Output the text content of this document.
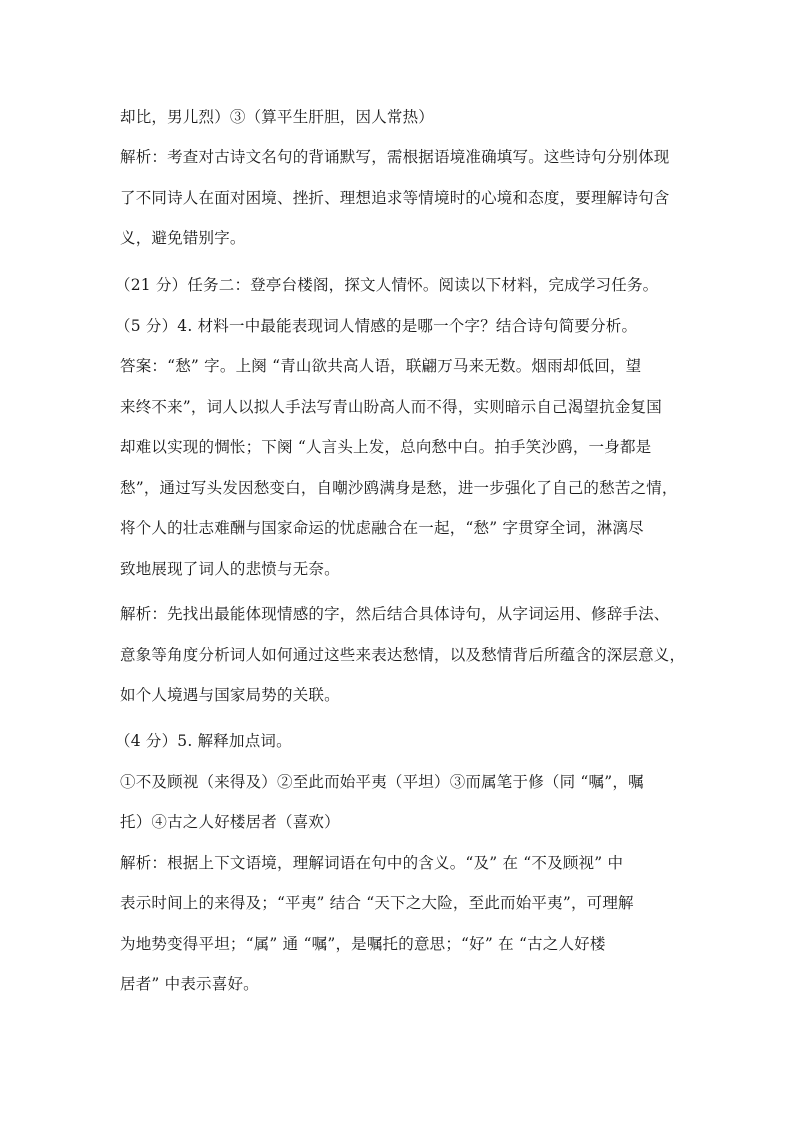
却比，男儿烈）③（算平生肝胆，因人常热）
解析：考查对古诗文名句的背诵默写，需根据语境准确填写。这些诗句分别体现
了不同诗人在面对困境、挫折、理想追求等情境时的心境和态度，要理解诗句含
义，避免错别字。
（21 分）任务二：登亭台楼阁，探文人情怀。阅读以下材料，完成学习任务。
（5 分）4. 材料一中最能表现词人情感的是哪一个字？结合诗句简要分析。
答案：“愁” 字。上阕 “青山欲共高人语，联翩万马来无数。烟雨却低回，望
来终不来”，词人以拟人手法写青山盼高人而不得，实则暗示自己渴望抗金复国
却难以实现的惆怅；下阕 “人言头上发，总向愁中白。拍手笑沙鸥，一身都是
愁”，通过写头发因愁变白，自嘲沙鸥满身是愁，进一步强化了自己的愁苦之情，
将个人的壮志难酬与国家命运的忧虑融合在一起，“愁” 字贯穿全词，淋漓尽
致地展现了词人的悲愤与无奈。
解析：先找出最能体现情感的字，然后结合具体诗句，从字词运用、修辞手法、
意象等角度分析词人如何通过这些来表达愁情，以及愁情背后所蕴含的深层意义，
如个人境遇与国家局势的关联。
（4 分）5. 解释加点词。
①不及顾视（来得及）②至此而始平夷（平坦）③而属笔于修（同 “嘱”，嘱
托）④古之人好楼居者（喜欢）
解析：根据上下文语境，理解词语在句中的含义。“及” 在 “不及顾视” 中
表示时间上的来得及；“平夷” 结合 “天下之大险，至此而始平夷”，可理解
为地势变得平坦；“属” 通 “嘱”，是嘱托的意思；“好” 在 “古之人好楼
居者” 中表示喜好。
